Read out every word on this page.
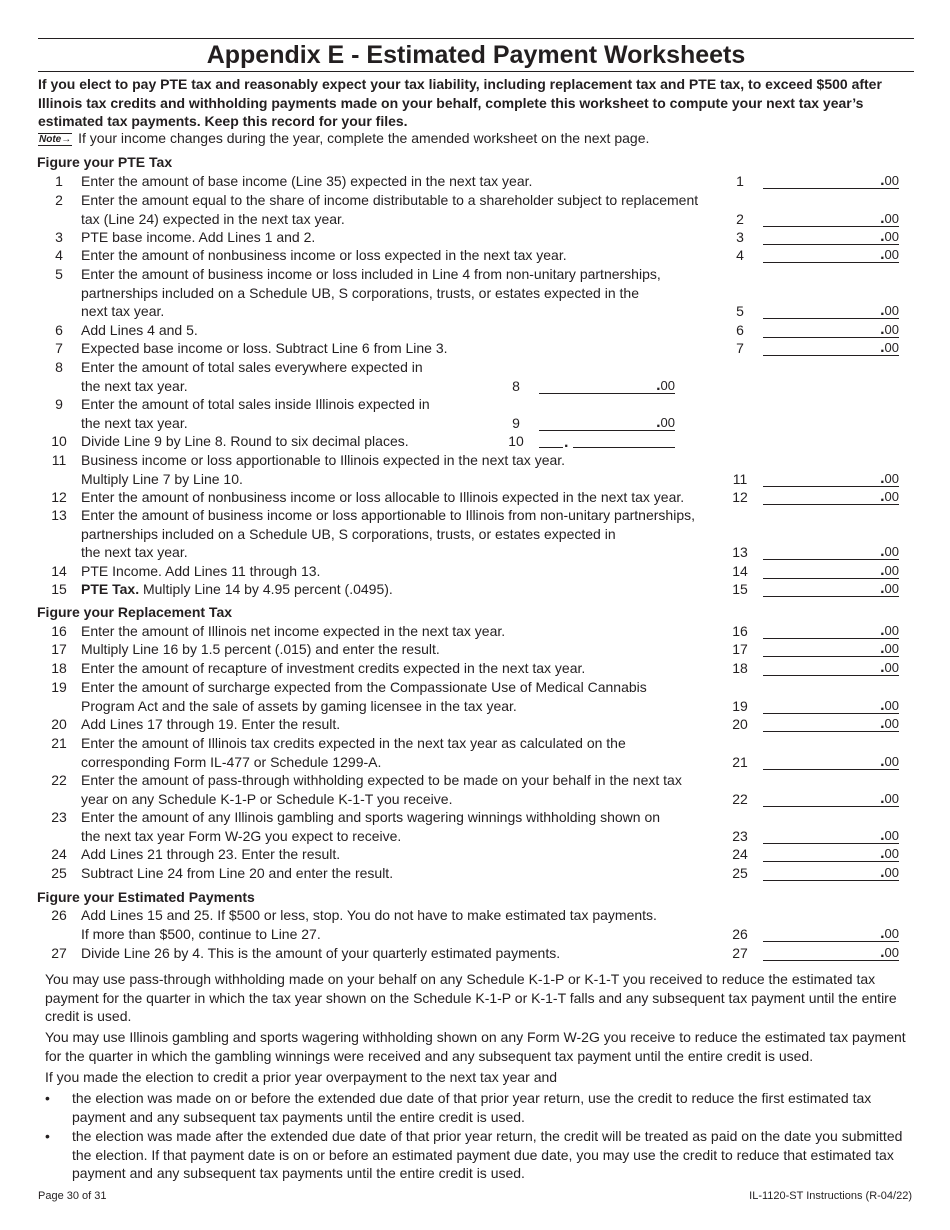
Appendix E - Estimated Payment Worksheets
If you elect to pay PTE tax and reasonably expect your tax liability, including replacement tax and PTE tax, to exceed $500 after Illinois tax credits and withholding payments made on your behalf, complete this worksheet to compute your next tax year’s estimated tax payments. Keep this record for your files.
Note→ If your income changes during the year, complete the amended worksheet on the next page.
Figure your PTE Tax
Figure your Replacement Tax
Figure your Estimated Payments
You may use pass-through withholding made on your behalf on any Schedule K-1-P or K-1-T you received to reduce the estimated tax payment for the quarter in which the tax year shown on the Schedule K-1-P or K-1-T falls and any subsequent tax payment until the entire credit is used.
You may use Illinois gambling and sports wagering withholding shown on any Form W-2G you receive to reduce the estimated tax payment for the quarter in which the gambling winnings were received and any subsequent tax payment until the entire credit is used.
If you made the election to credit a prior year overpayment to the next tax year and
• the election was made on or before the extended due date of that prior year return, use the credit to reduce the first estimated tax payment and any subsequent tax payments until the entire credit is used.
• the election was made after the extended due date of that prior year return, the credit will be treated as paid on the date you submitted the election. If that payment date is on or before an estimated payment due date, you may use the credit to reduce that estimated tax payment and any subsequent tax payments until the entire credit is used.
Page 30 of 31	IL-1120-ST Instructions (R-04/22)
1	Enter the amount of base income (Line 35) expected in the next tax year.	1	. 00
2	Enter the amount equal to the share of income distributable to a shareholder subject to replacement
tax (Line 24) expected in the next tax year.	2	. 00
3	PTE base income. Add Lines 1 and 2.	3	. 00
4	Enter the amount of nonbusiness income or loss expected in the next tax year.	4	. 00
5	Enter the amount of business income or loss included in Line 4 from non-unitary partnerships,
partnerships included on a Schedule UB, S corporations, trusts, or estates expected in the
next tax year.	5	. 00
6	Add Lines 4 and 5.	6	. 00
7	Expected base income or loss. Subtract Line 6 from Line 3.	7	. 00
8	Enter the amount of total sales everywhere expected in
the next tax year.	8	. 00
9	Enter the amount of total sales inside Illinois expected in
the next tax year.	9	. 00
10	Divide Line 9 by Line 8. Round to six decimal places.	10	.
11	Business income or loss apportionable to Illinois expected in the next tax year.
Multiply Line 7 by Line 10.	11	. 00
12	Enter the amount of nonbusiness income or loss allocable to Illinois expected in the next tax year.	12	. 00
13	Enter the amount of business income or loss apportionable to Illinois from non-unitary partnerships,
partnerships included on a Schedule UB, S corporations, trusts, or estates expected in
the next tax year.	13	. 00
14	PTE Income. Add Lines 11 through 13.	14	. 00
15	PTE Tax. Multiply Line 14 by 4.95 percent (.0495).	15	. 00
16	Enter the amount of Illinois net income expected in the next tax year.	16	. 00
17	Multiply Line 16 by 1.5 percent (.015) and enter the result.	17	. 00
18	Enter the amount of recapture of investment credits expected in the next tax year.	18	. 00
19	Enter the amount of surcharge expected from the Compassionate Use of Medical Cannabis
Program Act and the sale of assets by gaming licensee in the tax year.	19	. 00
20	Add Lines 17 through 19. Enter the result.	20	. 00
21	Enter the amount of Illinois tax credits expected in the next tax year as calculated on the
corresponding Form IL-477 or Schedule 1299-A.	21	. 00
22	Enter the amount of pass-through withholding expected to be made on your behalf in the next tax
year on any Schedule K-1-P or Schedule K-1-T you receive.	22	. 00
23	Enter the amount of any Illinois gambling and sports wagering winnings withholding shown on
the next tax year Form W-2G you expect to receive.	23	. 00
24	Add Lines 21 through 23. Enter the result.	24	. 00
25	Subtract Line 24 from Line 20 and enter the result.	25	. 00
26	Add Lines 15 and 25. If $500 or less, stop. You do not have to make estimated tax payments.
If more than $500, continue to Line 27.	26	. 00
27	Divide Line 26 by 4. This is the amount of your quarterly estimated payments.	27	. 00
